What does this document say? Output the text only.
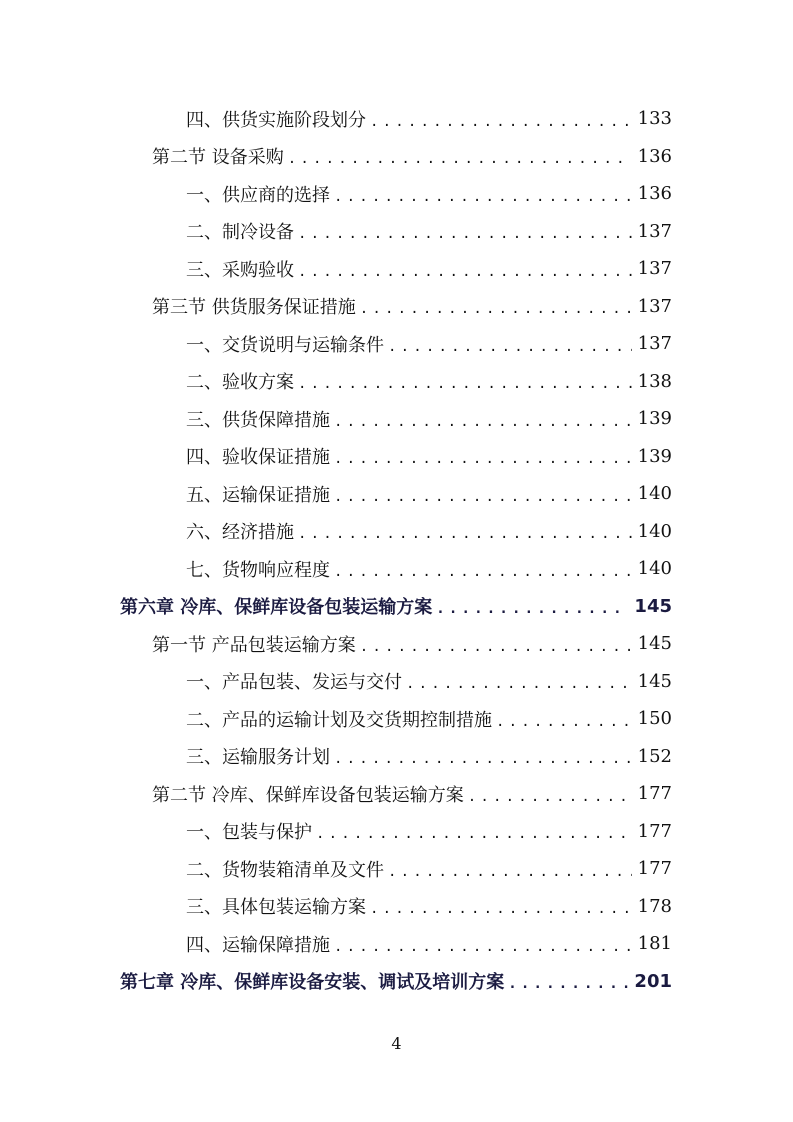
四、供货实施阶段划分 .....	133
第二节 设备采购 .....	136
一、供应商的选择 .....	136
二、制冷设备 .....	137
三、采购验收 .....	137
第三节 供货服务保证措施 .....	137
一、交货说明与运输条件 .....	137
二、验收方案 .....	138
三、供货保障措施 .....	139
四、验收保证措施 .....	139
五、运输保证措施 .....	140
六、经济措施 .....	140
七、货物响应程度 .....	140
第六章 冷库、保鲜库设备包装运输方案 .....	145
第一节 产品包装运输方案 .....	145
一、产品包装、发运与交付 .....	145
二、产品的运输计划及交货期控制措施 .....	150
三、运输服务计划 .....	152
第二节 冷库、保鲜库设备包装运输方案 .....	177
一、包装与保护 .....	177
二、货物装箱清单及文件 .....	177
三、具体包装运输方案 .....	178
四、运输保障措施 .....	181
第七章 冷库、保鲜库设备安装、调试及培训方案 .....	201
4
